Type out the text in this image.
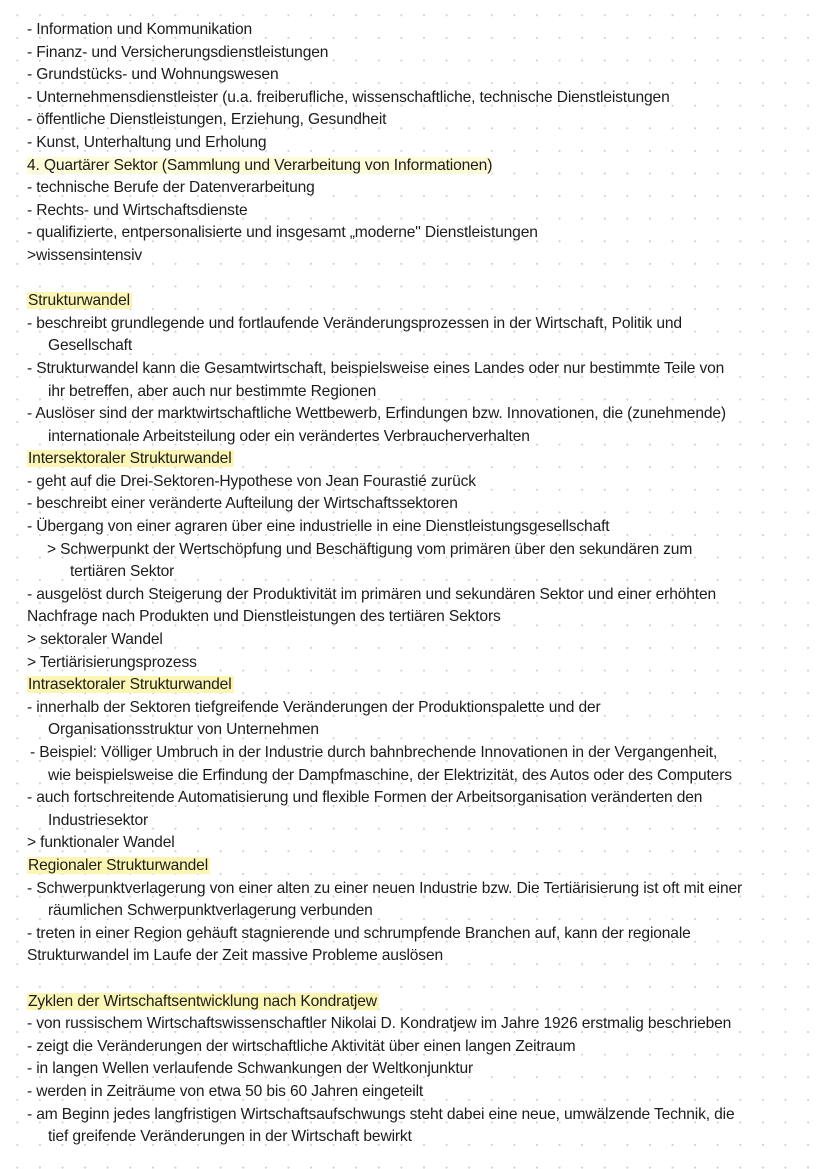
- Information und Kommunikation
- Finanz- und Versicherungsdienstleistungen
- Grundstücks- und Wohnungswesen
- Unternehmensdienstleister (u.a. freiberufliche, wissenschaftliche, technische Dienstleistungen
- öffentliche Dienstleistungen, Erziehung, Gesundheit
- Kunst, Unterhaltung und Erholung
4. Quartärer Sektor (Sammlung und Verarbeitung von Informationen)
- technische Berufe der Datenverarbeitung
- Rechts- und Wirtschaftsdienste
- qualifizierte, entpersonalisierte und insgesamt „moderne" Dienstleistungen
>wissensintensiv
Strukturwandel
- beschreibt grundlegende und fortlaufende Veränderungsprozessen in der Wirtschaft, Politik und
Gesellschaft
- Strukturwandel kann die Gesamtwirtschaft, beispielsweise eines Landes oder nur bestimmte Teile von
ihr betreffen, aber auch nur bestimmte Regionen
- Auslöser sind der marktwirtschaftliche Wettbewerb, Erfindungen bzw. Innovationen, die (zunehmende)
internationale Arbeitsteilung oder ein verändertes Verbraucherverhalten
Intersektoraler Strukturwandel
- geht auf die Drei-Sektoren-Hypothese von Jean Fourastié zurück
- beschreibt einer veränderte Aufteilung der Wirtschaftssektoren
- Übergang von einer agraren über eine industrielle in eine Dienstleistungsgesellschaft
> Schwerpunkt der Wertschöpfung und Beschäftigung vom primären über den sekundären zum
tertiären Sektor
- ausgelöst durch Steigerung der Produktivität im primären und sekundären Sektor und einer erhöhten
Nachfrage nach Produkten und Dienstleistungen des tertiären Sektors
> sektoraler Wandel
> Tertiärisierungsprozess
Intrasektoraler Strukturwandel
- innerhalb der Sektoren tiefgreifende Veränderungen der Produktionspalette und der
Organisationsstruktur von Unternehmen
- Beispiel: Völliger Umbruch in der Industrie durch bahnbrechende Innovationen in der Vergangenheit,
wie beispielsweise die Erfindung der Dampfmaschine, der Elektrizität, des Autos oder des Computers
- auch fortschreitende Automatisierung und flexible Formen der Arbeitsorganisation veränderten den
Industriesektor
> funktionaler Wandel
Regionaler Strukturwandel
- Schwerpunktverlagerung von einer alten zu einer neuen Industrie bzw. Die Tertiärisierung ist oft mit einer
räumlichen Schwerpunktverlagerung verbunden
- treten in einer Region gehäuft stagnierende und schrumpfende Branchen auf, kann der regionale
Strukturwandel im Laufe der Zeit massive Probleme auslösen
Zyklen der Wirtschaftsentwicklung nach Kondratjew
- von russischem Wirtschaftswissenschaftler Nikolai D. Kondratjew im Jahre 1926 erstmalig beschrieben
- zeigt die Veränderungen der wirtschaftliche Aktivität über einen langen Zeitraum
- in langen Wellen verlaufende Schwankungen der Weltkonjunktur
- werden in Zeiträume von etwa 50 bis 60 Jahren eingeteilt
- am Beginn jedes langfristigen Wirtschaftsaufschwungs steht dabei eine neue, umwälzende Technik, die
tief greifende Veränderungen in der Wirtschaft bewirkt
